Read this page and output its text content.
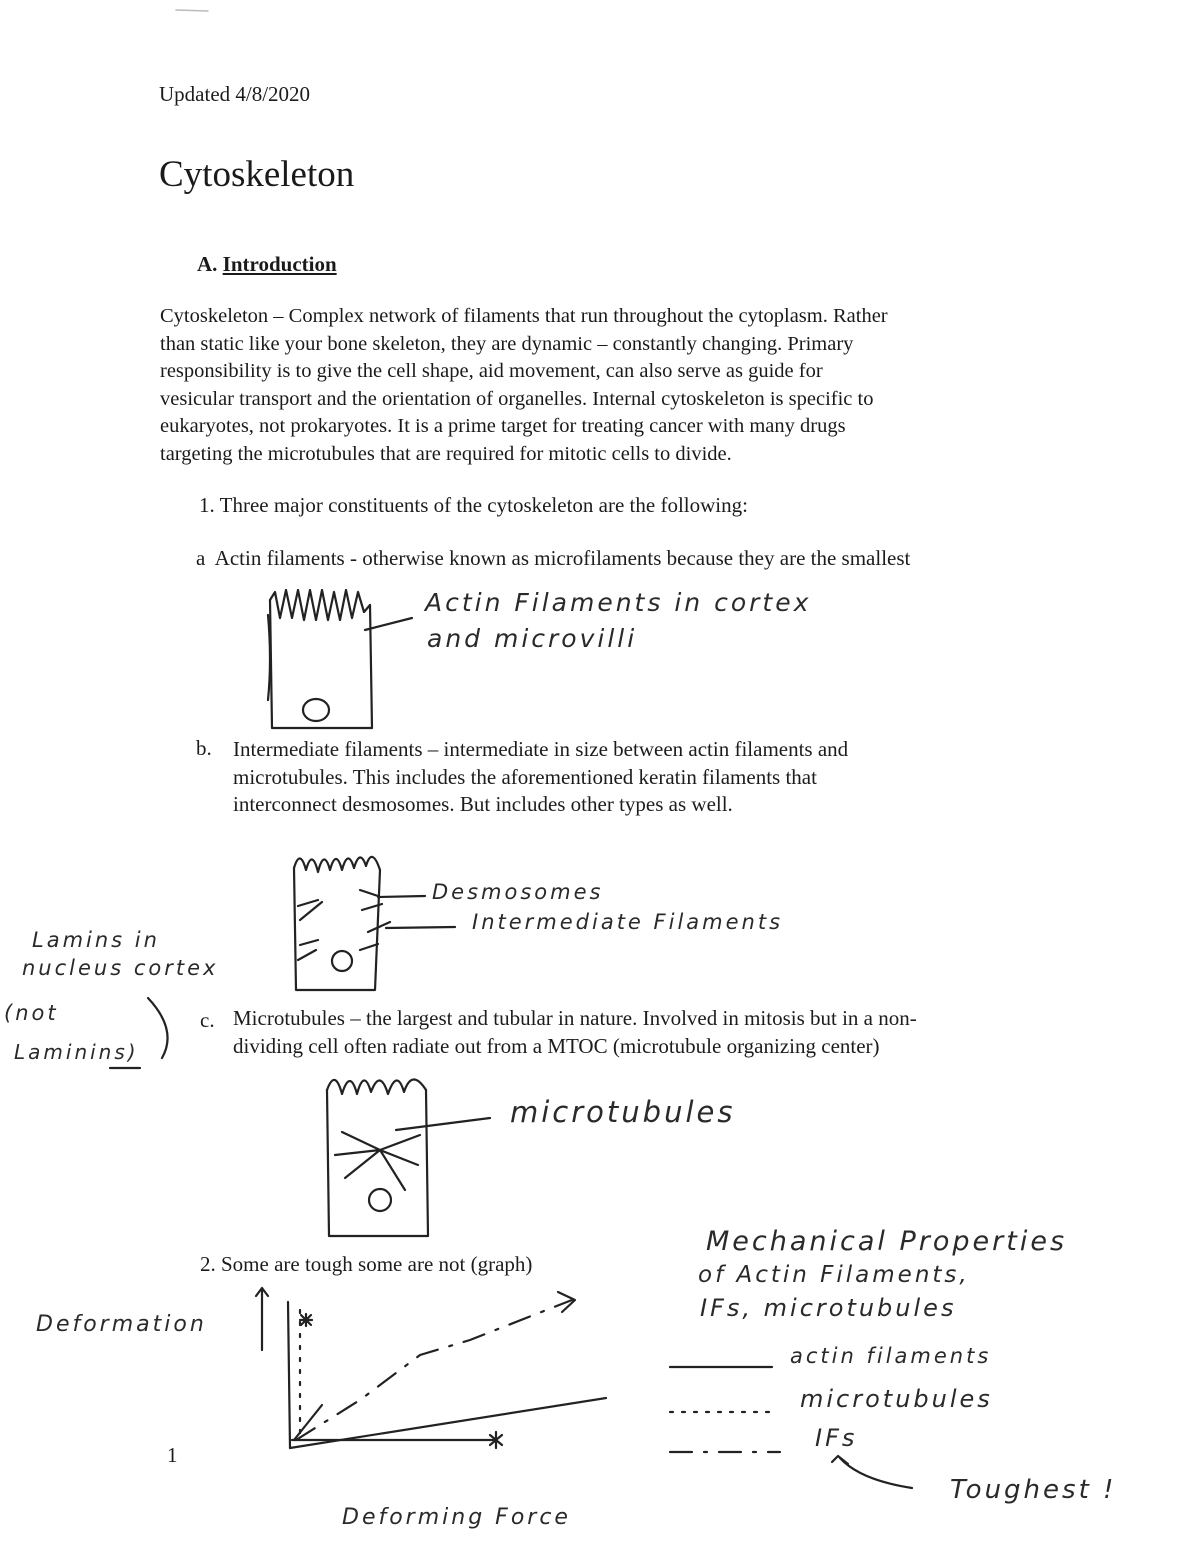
Updated 4/8/2020
Cytoskeleton
A. Introduction
Cytoskeleton – Complex network of filaments that run throughout the cytoplasm. Rather
than static like your bone skeleton, they are dynamic – constantly changing. Primary
responsibility is to give the cell shape, aid movement, can also serve as guide for
vesicular transport and the orientation of organelles. Internal cytoskeleton is specific to
eukaryotes, not prokaryotes. It is a prime target for treating cancer with many drugs
targeting the microtubules that are required for mitotic cells to divide.
1. Three major constituents of the cytoskeleton are the following:
a Actin filaments - otherwise known as microfilaments because they are the smallest
b. Intermediate filaments – intermediate in size between actin filaments and
microtubules. This includes the aforementioned keratin filaments that
interconnect desmosomes. But includes other types as well.
c. Microtubules – the largest and tubular in nature. Involved in mitosis but in a non-
dividing cell often radiate out from a MTOC (microtubule organizing center)
2. Some are tough some are not (graph)
1
Actin Filaments in cortex
and microvilli
Desmosomes
Intermediate Filaments
Lamins in
nucleus cortex
(not
Laminins)
microtubules
Mechanical Properties
of Actin Filaments,
IFs, microtubules
actin filaments
microtubules
IFs
Toughest !
Deformation
Deforming Force
